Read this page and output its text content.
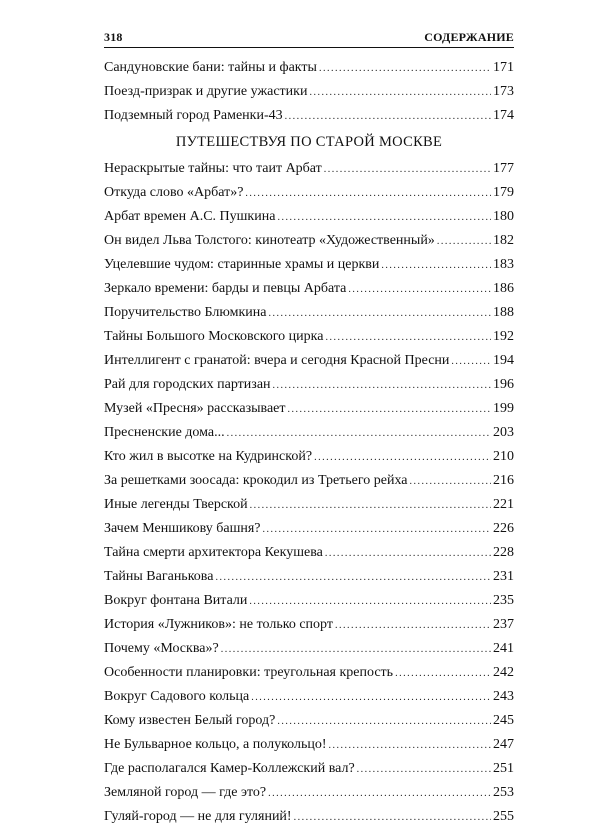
318	СОДЕРЖАНИЕ
Сандуновские бани: тайны и факты . . .	171
Поезд-призрак и другие ужастики . . .	173
Подземный город Раменки-43 . . .	174
ПУТЕШЕСТВУЯ ПО СТАРОЙ МОСКВЕ
Нераскрытые тайны: что таит Арбат . . .	177
Откуда слово «Арбат»? . . .	179
Арбат времен А.С. Пушкина . . .	180
Он видел Льва Толстого: кинотеатр «Художественный» . . .	182
Уцелевшие чудом: старинные храмы и церкви . . .	183
Зеркало времени: барды и певцы Арбата . . .	186
Поручительство Блюмкина . . .	188
Тайны Большого Московского цирка . . .	192
Интеллигент с гранатой: вчера и сегодня Красной Пресни . . .	194
Рай для городских партизан . . .	196
Музей «Пресня» рассказывает . . .	199
Пресненские дома... . . .	203
Кто жил в высотке на Кудринской? . . .	210
За решетками зоосада: крокодил из Третьего рейха . . .	216
Иные легенды Тверской . . .	221
Зачем Меншикову башня? . . .	226
Тайна смерти архитектора Кекушева . . .	228
Тайны Ваганькова . . .	231
Вокруг фонтана Витали . . .	235
История «Лужников»: не только спорт . . .	237
Почему «Москва»? . . .	241
Особенности планировки: треугольная крепость . . .	242
Вокруг Садового кольца . . .	243
Кому известен Белый город? . . .	245
Не Бульварное кольцо, а полукольцо! . . .	247
Где располагался Камер-Коллежский вал? . . .	251
Земляной город — где это? . . .	253
Гуляй-город — не для гуляний! . . .	255
